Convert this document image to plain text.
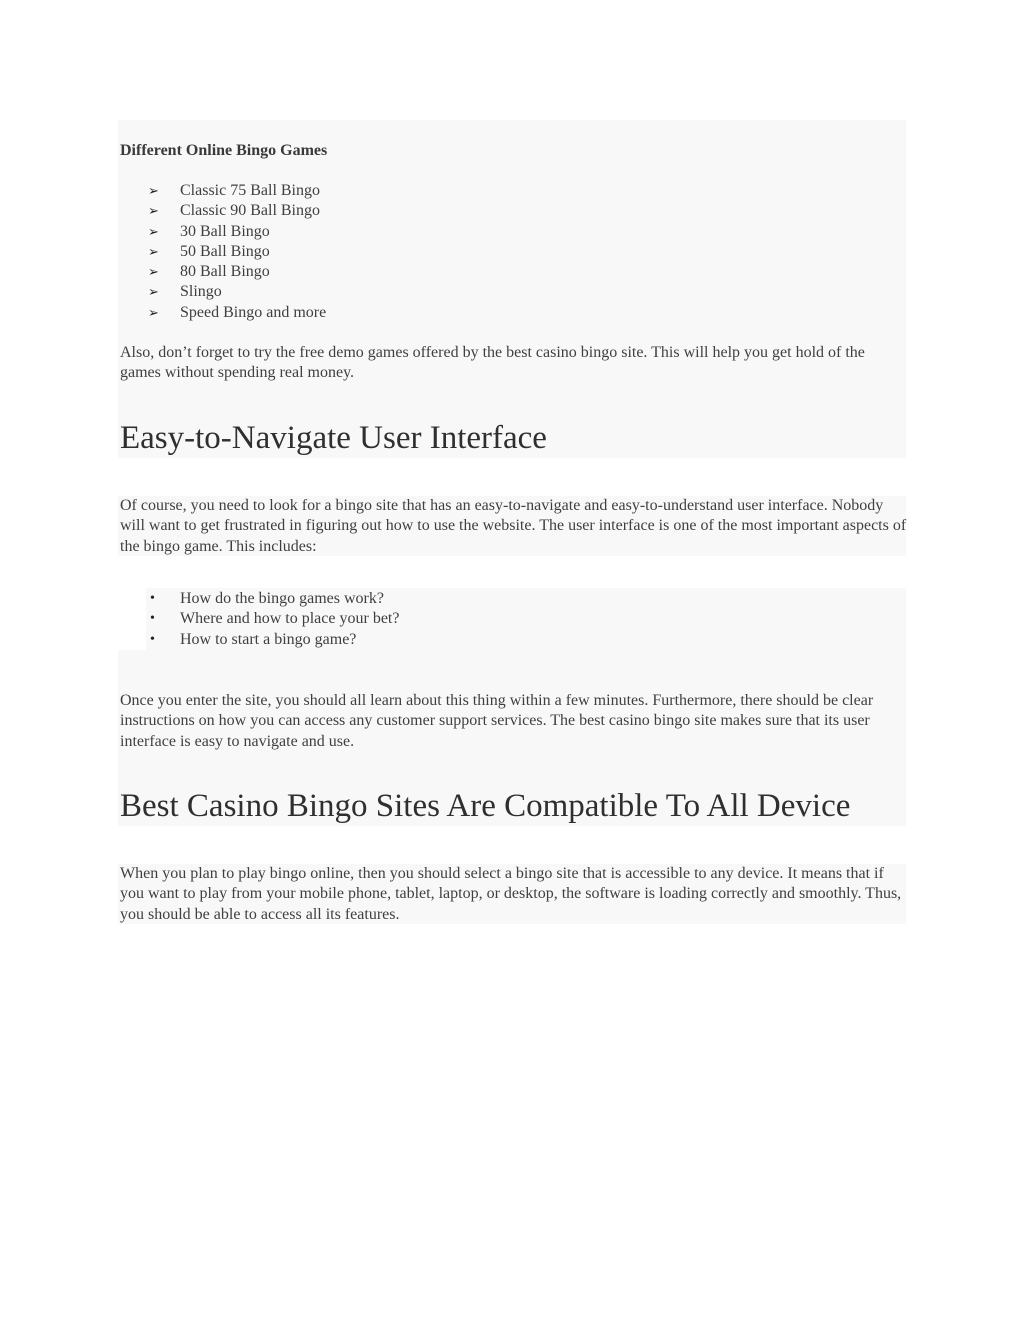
Different Online Bingo Games
➢ Classic 75 Ball Bingo
➢ Classic 90 Ball Bingo
➢ 30 Ball Bingo
➢ 50 Ball Bingo
➢ 80 Ball Bingo
➢ Slingo
➢ Speed Bingo and more

Also, don’t forget to try the free demo games offered by the best casino bingo site. This will help you get hold of the games without spending real money.

Easy-to-Navigate User Interface

Of course, you need to look for a bingo site that has an easy-to-navigate and easy-to-understand user interface. Nobody will want to get frustrated in figuring out how to use the website. The user interface is one of the most important aspects of the bingo game. This includes:

• How do the bingo games work?
• Where and how to place your bet?
• How to start a bingo game?

Once you enter the site, you should all learn about this thing within a few minutes. Furthermore, there should be clear instructions on how you can access any customer support services. The best casino bingo site makes sure that its user interface is easy to navigate and use.

Best Casino Bingo Sites Are Compatible To All Device

When you plan to play bingo online, then you should select a bingo site that is accessible to any device. It means that if you want to play from your mobile phone, tablet, laptop, or desktop, the software is loading correctly and smoothly. Thus, you should be able to access all its features.
